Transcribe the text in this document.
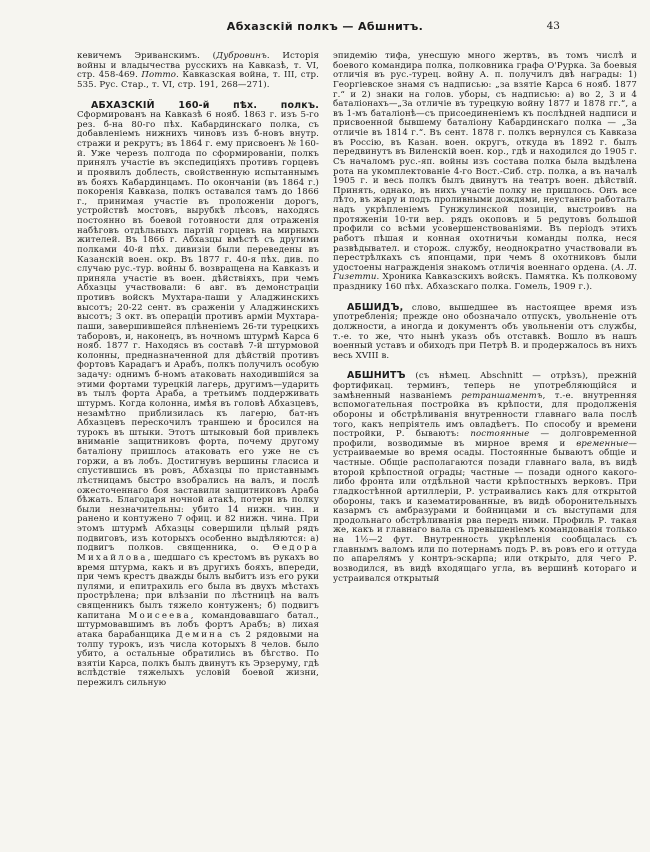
Абхазскій полкъ — Абшнитъ.	43

кевичемъ Эриванскимъ. (Дубровинъ. Исторія войны и владычества русскихъ на Кавказѣ, т. VI, стр. 458-469. Потто. Кавказская война, т. III, стр. 535. Рус. Стар., т. VI, стр. 191, 268—271).

АБХАЗСКІЙ 160-й пѣх. полкъ. Сформированъ на Кавказѣ 6 нояб. 1863 г. изъ 5-го рез. б-на 80-го пѣх. Кабардинскаго полка, съ добавленіемъ нижнихъ чиновъ изъ б-новъ внутр. стражи и рекрутъ; въ 1864 г. ему присвоенъ № 160-й. Уже черезъ полгода по сформированіи, полкъ принялъ участіе въ экспедиціяхъ противъ горцевъ и проявилъ доблесть, свойственную испытаннымъ въ бояхъ Кабардинцамъ. По окончаніи (въ 1864 г.) покоренія Кавказа, полкъ оставался тамъ до 1866 г., принимая участіе въ проложеніи дорогъ, устройствѣ мостовъ, вырубкѣ лѣсовъ, находясь постоянно въ боевой готовности для отраженія набѣговъ отдѣльныхъ партій горцевъ на мирныхъ жителей. Въ 1866 г. Абхазцы вмѣстѣ съ другими полками 40-й пѣх. дивизіи были переведены въ Казанскій воен. окр. Въ 1877 г. 40-я пѣх. див. по случаю рус.-тур. войны б. возвращена на Кавказъ и приняла участіе въ воен. дѣйствіяхъ, при чемъ Абхазцы участвовали: 6 авг. въ демонстраціи противъ войскъ Мухтара-паши у Аладжинскихъ высотъ; 20-22 сент. въ сраженіи у Аладжинскихъ высотъ; 3 окт. въ операціи противъ арміи Мухтара-паши, завершившейся плѣненіемъ 26-ти турецкихъ таборовъ, и, наконецъ, въ ночномъ штурмѣ Карса 6 нояб. 1877 г. Находясь въ составѣ 7-й штурмовой колонны, предназначенной для дѣйствій противъ фортовъ Карадагъ и Арабъ, полкъ получилъ особую задачу: однимъ б-номъ атаковать находившійся за этими фортами турецкій лагерь, другимъ—ударить въ тылъ форта Араба, а третьимъ поддерживать штурмъ. Когда колонна, имѣя въ головѣ Абхазцевъ, незамѣтно приблизилась къ лагерю, бат-нъ Абхазцевъ перескочилъ траншею и бросился на турокъ въ штыки. Этотъ штыковый бой привлекъ вниманіе защитниковъ форта, почему другому баталіону пришлось атаковать его уже не съ горжи, а въ лобъ. Достигнувъ вершины гласиса и спустившись въ ровъ, Абхазцы по приставнымъ лѣстницамъ быстро взобрались на валъ, и послѣ ожесточеннаго боя заставили защитниковъ Араба бѣжать. Благодаря ночной атакѣ, потери въ полку были незначительны: убито 14 нижн. чин. и ранено и контужено 7 офиц. и 82 нижн. чина. При этомъ штурмѣ Абхазцы совершили цѣлый рядъ подвиговъ, изъ которыхъ особенно выдѣляются: а) подвигъ полков. священника, о. Ѳедора Михайлова, шедшаго съ крестомъ въ рукахъ во время штурма, какъ и въ другихъ бояхъ, впереди, при чемъ крестъ дважды былъ выбитъ изъ его руки пулями, и епитрахиль его была въ двухъ мѣстахъ прострѣлена; при влѣзаніи по лѣстницѣ на валъ священникъ былъ тяжело контуженъ; б) подвигъ капитана Моисеева, командовавшаго батал., штурмовавшимъ въ лобъ фортъ Арабъ; в) лихая атака барабанщика Демина съ 2 рядовыми на толпу турокъ, изъ числа которыхъ 8 челов. было убито, а остальные обратились въ бѣгство. По взятіи Карса, полкъ былъ двинутъ къ Эрзеруму, гдѣ вслѣдствіе тяжелыхъ условій боевой жизни, пережилъ сильную

эпидемію тифа, унесшую много жертвъ, въ томъ числѣ и боевого командира полка, полковника графа О'Рурка. За боевыя отличія въ рус.-турец. войну А. п. получилъ двѣ награды: 1) Георгіевское знамя съ надписью: „за взятіе Карса 6 нояб. 1877 г.“ и 2) знаки на голов. уборы, съ надписью: а) во 2, 3 и 4 баталіонахъ—„За отличіе въ турецкую войну 1877 и 1878 гг.“, а въ 1-мъ баталіонѣ—съ присоединеніемъ къ послѣдней надписи и присвоенной бывшему баталіону Кабардинскаго полка — „За отличіе въ 1814 г.“. Въ сент. 1878 г. полкъ вернулся съ Кавказа въ Россію, въ Казан. воен. округъ, откуда въ 1892 г. былъ передвинутъ въ Виленскій воен. кор., гдѣ и находился до 1905 г. Съ началомъ рус.-яп. войны изъ состава полка была выдѣлена рота на укомплектованіе 4-го Вост.-Сиб. стр. полка, а въ началѣ 1905 г. и весь полкъ былъ двинутъ на театръ воен. дѣйствій. Принять, однако, въ нихъ участіе полку не пришлось. Онъ все лѣто, въ жару и подъ проливными дождями, неустанно работалъ надъ укрѣпленіемъ Гунжулинской позиціи, выстроивъ на протяженіи 10-ти вер. рядъ окоповъ и 5 редутовъ большой профили со всѣми усовершенствованіями. Въ періодъ этихъ работъ пѣшая и конная охотничьи команды полка, неся развѣдывател. и сторож. службу, неоднократно участвовали въ перестрѣлкахъ съ японцами, при чемъ 8 охотниковъ были удостоены награжденія знакомъ отличія военнаго ордена. (А. Л. Гизетти. Хроника Кавказскихъ войскъ. Памятка. Къ полковому празднику 160 пѣх. Абхазскаго полка. Гомель, 1909 г.).

АБШИДЪ, слово, вышедшее въ настоящее время изъ употребленія; прежде оно обозначало отпускъ, увольненіе отъ должности, а иногда и документъ объ увольненіи отъ службы, т.-е. то же, что нынѣ указъ объ отставкѣ. Вошло въ нашъ военный уставъ и обиходъ при Петрѣ В. и продержалось въ нихъ весь XVIII в.

АБШНИТЪ (съ нѣмец. Abschnitt — отрѣзъ), прежній фортификац. терминъ, теперь не употребляющійся и замѣненный названіемъ ретраншаментъ, т.-е. внутренняя вспомогательная постройка въ крѣпости, для продолженія обороны и обстрѣливанія внутренности главнаго вала послѣ того, какъ непріятель имъ овладѣетъ. По способу и времени постройки, Р. бываютъ: постоянные — долговременной профили, возводимые въ мирное время и временные—устраиваемые во время осады. Постоянные бываютъ общіе и частные. Общіе располагаются позади главнаго вала, въ видѣ второй крѣпостной ограды; частные — позади одного какого-либо фронта или отдѣльной части крѣпостныхъ верковъ. При гладкостѣнной артиллеріи, Р. устраивались какъ для открытой обороны, такъ и казематированные, въ видѣ оборонительныхъ казармъ съ амбразурами и бойницами и съ выступами для продольнаго обстрѣливанія рва передъ ними. Профиль Р. такая же, какъ и главнаго вала съ превышеніемъ командованія только на 1½—2 фут. Внутренность укрѣпленія сообщалась съ главнымъ валомъ или по потернамъ подъ Р. въ ровъ его и оттуда по апарелямъ у контръ-эскарпа; или открыто, для чего Р. возводился, въ видѣ входящаго угла, въ вершинѣ котораго и устраивался открытый
